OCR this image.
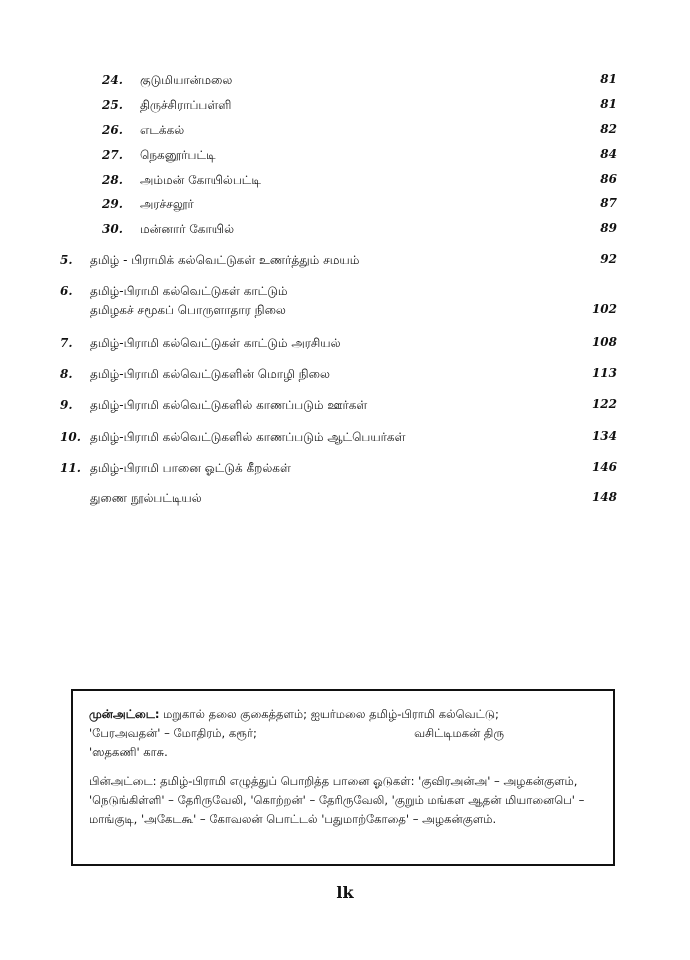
24. குடுமியான்மலை	81
25. திருச்சிராப்பள்ளி	81
26. எடக்கல்	82
27. நெகனூர்பட்டி	84
28. அம்மன் கோயில்பட்டி	86
29. அரச்சலூர்	87
30. மன்னார் கோயில்	89
5. தமிழ் - பிராமிக் கல்வெட்டுகள் உணர்த்தும் சமயம்	92
6. தமிழ்-பிராமி கல்வெட்டுகள் காட்டும்
தமிழகச் சமூகப் பொருளாதார நிலை	102
7. தமிழ்-பிராமி கல்வெட்டுகள் காட்டும் அரசியல்	108
8. தமிழ்-பிராமி கல்வெட்டுகளின் மொழி நிலை	113
9. தமிழ்-பிராமி கல்வெட்டுகளில் காணப்படும் ஊர்கள்	122
10. தமிழ்-பிராமி கல்வெட்டுகளில் காணப்படும் ஆட்பெயர்கள்	134
11. தமிழ்-பிராமி பானை ஓட்டுக் கீறல்கள்	146
துணை நூல்பட்டியல்	148

முன்அட்டை: மறுகால் தலை குகைத்தளம்; ஐயர்மலை தமிழ்-பிராமி கல்வெட்டு;
'பேரஅவதன்' – மோதிரம், கரூர்;	வசிட்டிமகன் திரு
'ஸதகணி' காசு.

பின்அட்டை: தமிழ்-பிராமி எழுத்துப் பொறித்த பானை ஓடுகள்: 'குவிரஅன்அ' – அழகன்குளம், 'நெடுங்கிள்ளி' – தேரிருவேலி, 'கொற்றன்' – தேரிருவேலி, 'குறும் மங்கள ஆதன் மியானைபெ' – மாங்குடி, 'அகேடகூ' – கோவலன் பொட்டல் 'பதுமாற்கோதை' – அழகன்குளம்.

lk
